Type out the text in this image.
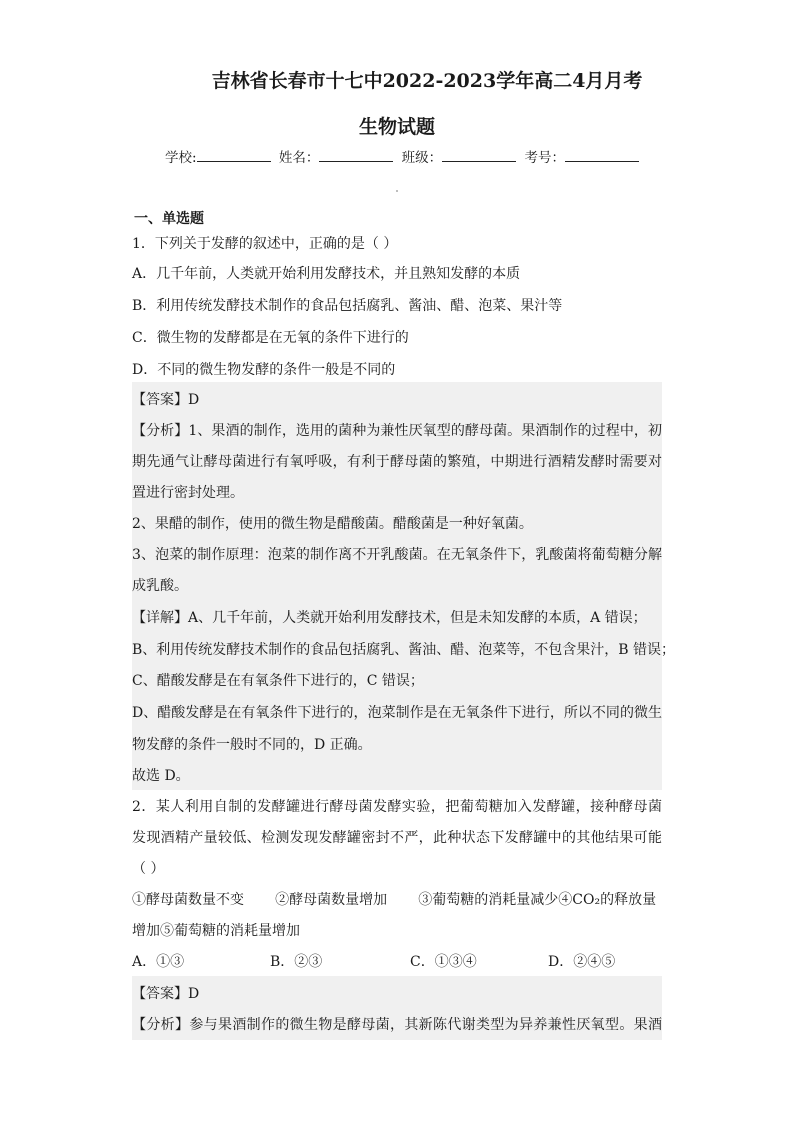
吉林省长春市十七中2022-2023学年高二4月月考
生物试题
学校:	姓名：	班级：	考号：
一、单选题
1．下列关于发酵的叙述中，正确的是（ ）
A．几千年前，人类就开始利用发酵技术，并且熟知发酵的本质
B．利用传统发酵技术制作的食品包括腐乳、酱油、醋、泡菜、果汁等
C．微生物的发酵都是在无氧的条件下进行的
D．不同的微生物发酵的条件一般是不同的
【答案】D
【分析】1、果酒的制作，选用的菌种为兼性厌氧型的酵母菌。果酒制作的过程中，初
期先通气让酵母菌进行有氧呼吸，有利于酵母菌的繁殖，中期进行酒精发酵时需要对
置进行密封处理。
2、果醋的制作，使用的微生物是醋酸菌。醋酸菌是一种好氧菌。
3、泡菜的制作原理：泡菜的制作离不开乳酸菌。在无氧条件下，乳酸菌将葡萄糖分解
成乳酸。
【详解】A、几千年前，人类就开始利用发酵技术，但是未知发酵的本质，A 错误；
B、利用传统发酵技术制作的食品包括腐乳、酱油、醋、泡菜等，不包含果汁，B 错误；
C、醋酸发酵是在有氧条件下进行的，C 错误；
D、醋酸发酵是在有氧条件下进行的，泡菜制作是在无氧条件下进行，所以不同的微生
物发酵的条件一般时不同的，D 正确。
故选 D。
2．某人利用自制的发酵罐进行酵母菌发酵实验，把葡萄糖加入发酵罐，接种酵母菌
发现酒精产量较低、检测发现发酵罐密封不严，此种状态下发酵罐中的其他结果可能
（ ）
①酵母菌数量不变       ②酵母菌数量增加       ③葡萄糖的消耗量减少④CO₂的释放量
增加⑤葡萄糖的消耗量增加
A．①③	B．②③	C．①③④	D．②④⑤
【答案】D
【分析】参与果酒制作的微生物是酵母菌，其新陈代谢类型为异养兼性厌氧型。果酒
